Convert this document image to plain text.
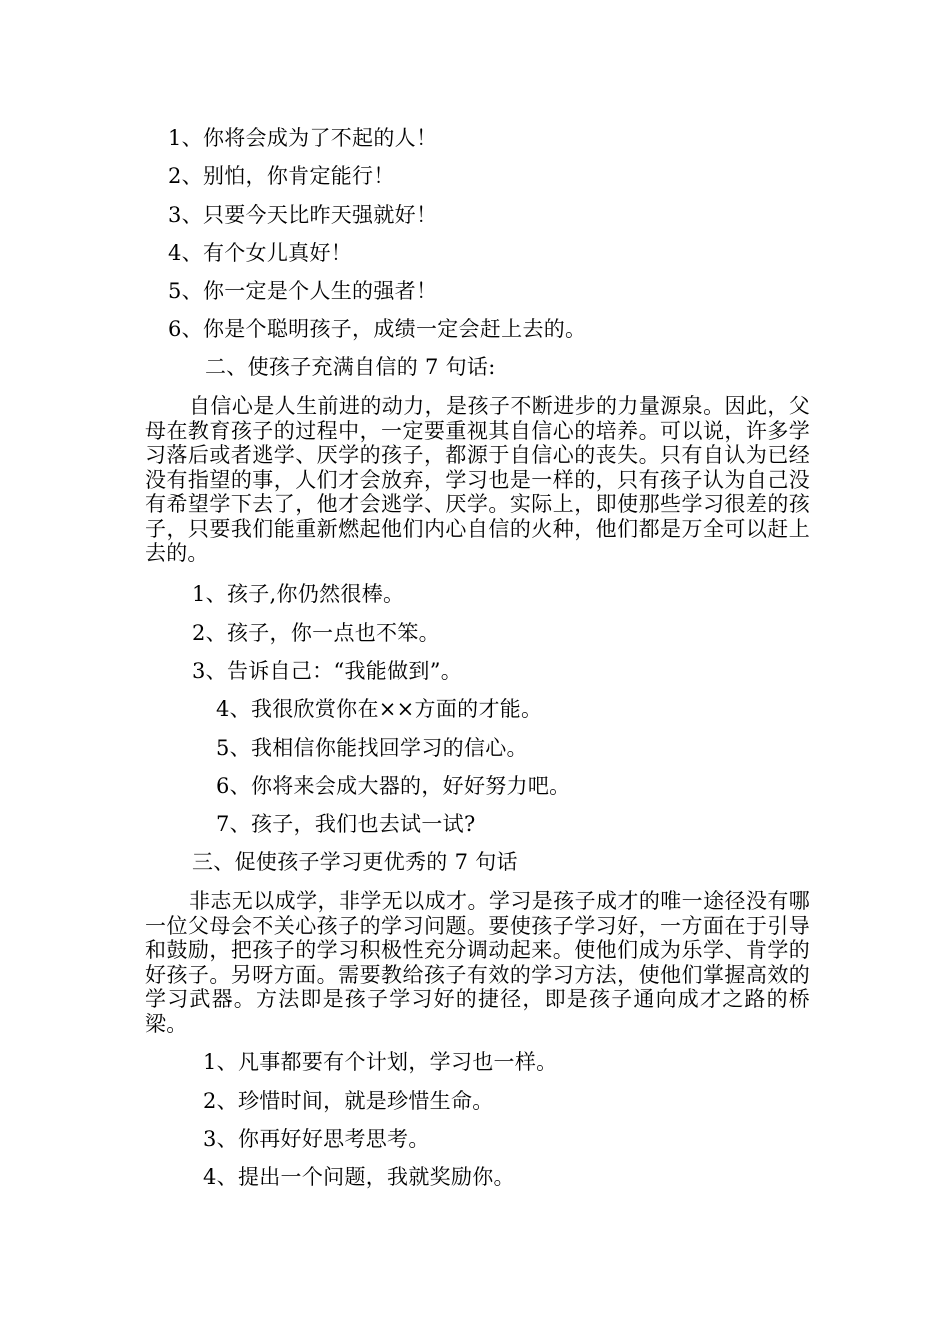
1、你将会成为了不起的人！
2、别怕，你肯定能行！
3、只要今天比昨天强就好！
4、有个女儿真好！
5、你一定是个人生的强者！
6、你是个聪明孩子，成绩一定会赶上去的。
二、使孩子充满自信的 7 句话:
自信心是人生前进的动力，是孩子不断进步的力量源泉。因此，父母在教育孩子的过程中，一定要重视其自信心的培养。可以说，许多学习落后或者逃学、厌学的孩子，都源于自信心的丧失。只有自认为已经没有指望的事，人们才会放弃，学习也是一样的，只有孩子认为自己没有希望学下去了，他才会逃学、厌学。实际上，即使那些学习很差的孩子，只要我们能重新燃起他们内心自信的火种，他们都是万全可以赶上去的。
1、孩子,你仍然很棒。
2、孩子，你一点也不笨。
3、告诉自己：“我能做到”。
4、我很欣赏你在××方面的才能。
5、我相信你能找回学习的信心。
6、你将来会成大器的，好好努力吧。
7、孩子，我们也去试一试?
三、促使孩子学习更优秀的 7 句话
非志无以成学，非学无以成才。学习是孩子成才的唯一途径没有哪一位父母会不关心孩子的学习问题。要使孩子学习好，一方面在于引导和鼓励，把孩子的学习积极性充分调动起来。使他们成为乐学、肯学的好孩子。另呀方面。需要教给孩子有效的学习方法，使他们掌握高效的学习武器。方法即是孩子学习好的捷径，即是孩子通向成才之路的桥梁。
1、凡事都要有个计划，学习也一样。
2、珍惜时间，就是珍惜生命。
3、你再好好思考思考。
4、提出一个问题，我就奖励你。
